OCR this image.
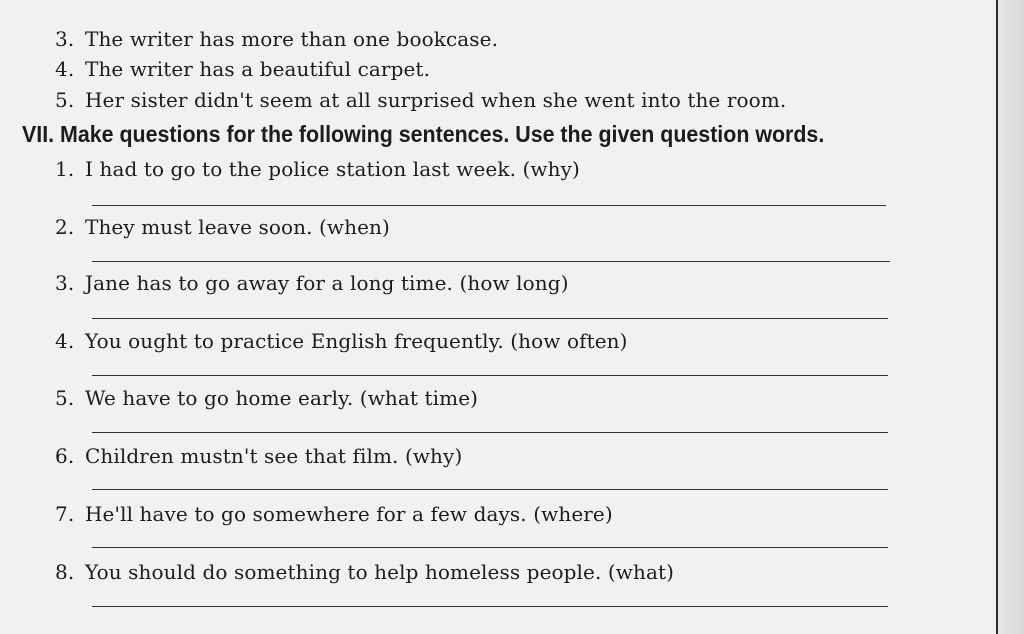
3. The writer has more than one bookcase.
4. The writer has a beautiful carpet.
5. Her sister didn't seem at all surprised when she went into the room.
VII. Make questions for the following sentences. Use the given question words.
1. I had to go to the police station last week. (why)
2. They must leave soon. (when)
3. Jane has to go away for a long time. (how long)
4. You ought to practice English frequently. (how often)
5. We have to go home early. (what time)
6. Children mustn't see that film. (why)
7. He'll have to go somewhere for a few days. (where)
8. You should do something to help homeless people. (what)
